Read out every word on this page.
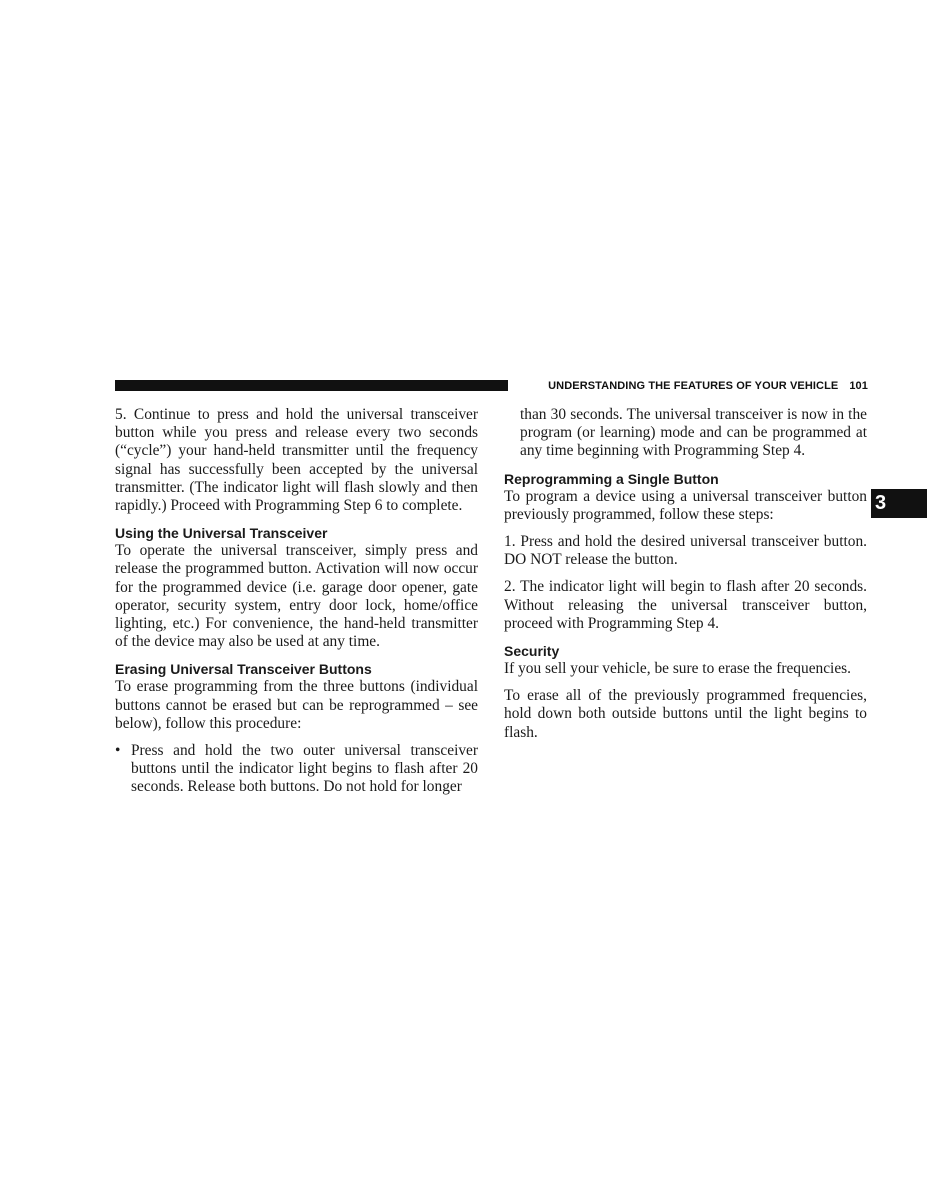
UNDERSTANDING THE FEATURES OF YOUR VEHICLE 101
3

5. Continue to press and hold the universal transceiver button while you press and release every two seconds (“cycle”) your hand-held transmitter until the frequency signal has successfully been accepted by the universal transmitter. (The indicator light will flash slowly and then rapidly.) Proceed with Programming Step 6 to complete.

Using the Universal Transceiver

To operate the universal transceiver, simply press and release the programmed button. Activation will now occur for the programmed device (i.e. garage door opener, gate operator, security system, entry door lock, home/office lighting, etc.) For convenience, the hand-held transmitter of the device may also be used at any time.

Erasing Universal Transceiver Buttons

To erase programming from the three buttons (individual buttons cannot be erased but can be reprogrammed – see below), follow this procedure:

• Press and hold the two outer universal transceiver buttons until the indicator light begins to flash after 20 seconds. Release both buttons. Do not hold for longer

than 30 seconds. The universal transceiver is now in the program (or learning) mode and can be programmed at any time beginning with Programming Step 4.

Reprogramming a Single Button

To program a device using a universal transceiver button previously programmed, follow these steps:

1. Press and hold the desired universal transceiver button. DO NOT release the button.

2. The indicator light will begin to flash after 20 seconds. Without releasing the universal transceiver button, proceed with Programming Step 4.

Security

If you sell your vehicle, be sure to erase the frequencies.

To erase all of the previously programmed frequencies, hold down both outside buttons until the light begins to flash.
